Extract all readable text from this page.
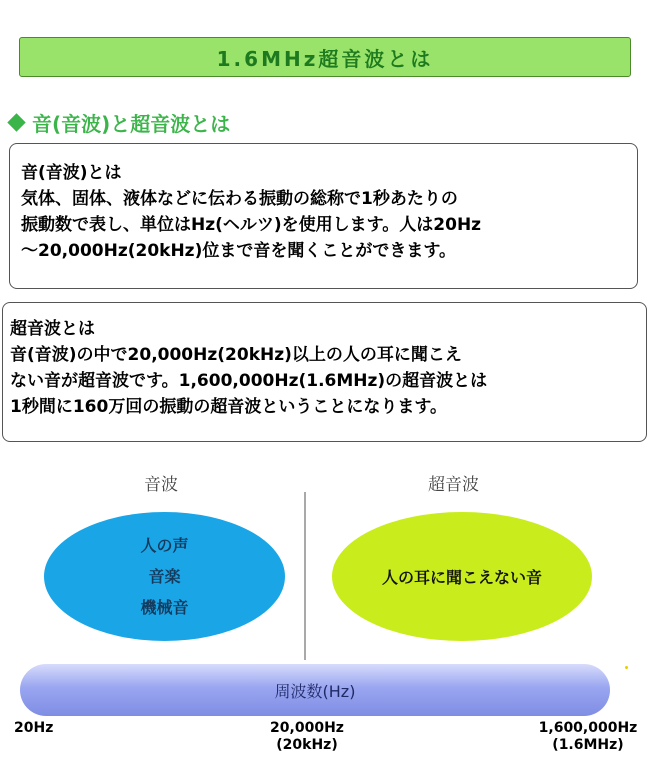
1.6MHz超音波とは
音(音波)と超音波とは

音(音波)とは

気体、固体、液体などに伝わる振動の総称で1秒あたりの

振動数で表し、単位はHz(ヘルツ)を使用します。人は20Hz

～20,000Hz(20kHz)位まで音を聞くことができます。

超音波とは

音(音波)の中で20,000Hz(20kHz)以上の人の耳に聞こえ

ない音が超音波です。1,600,000Hz(1.6MHz)の超音波とは

1秒間に160万回の振動の超音波ということになります。

音波	超音波
人の声
音楽
機械音
人の耳に聞こえない音
周波数(Hz)
20Hz	20,000Hz
(20kHz)
1,600,000Hz
(1.6MHz)
